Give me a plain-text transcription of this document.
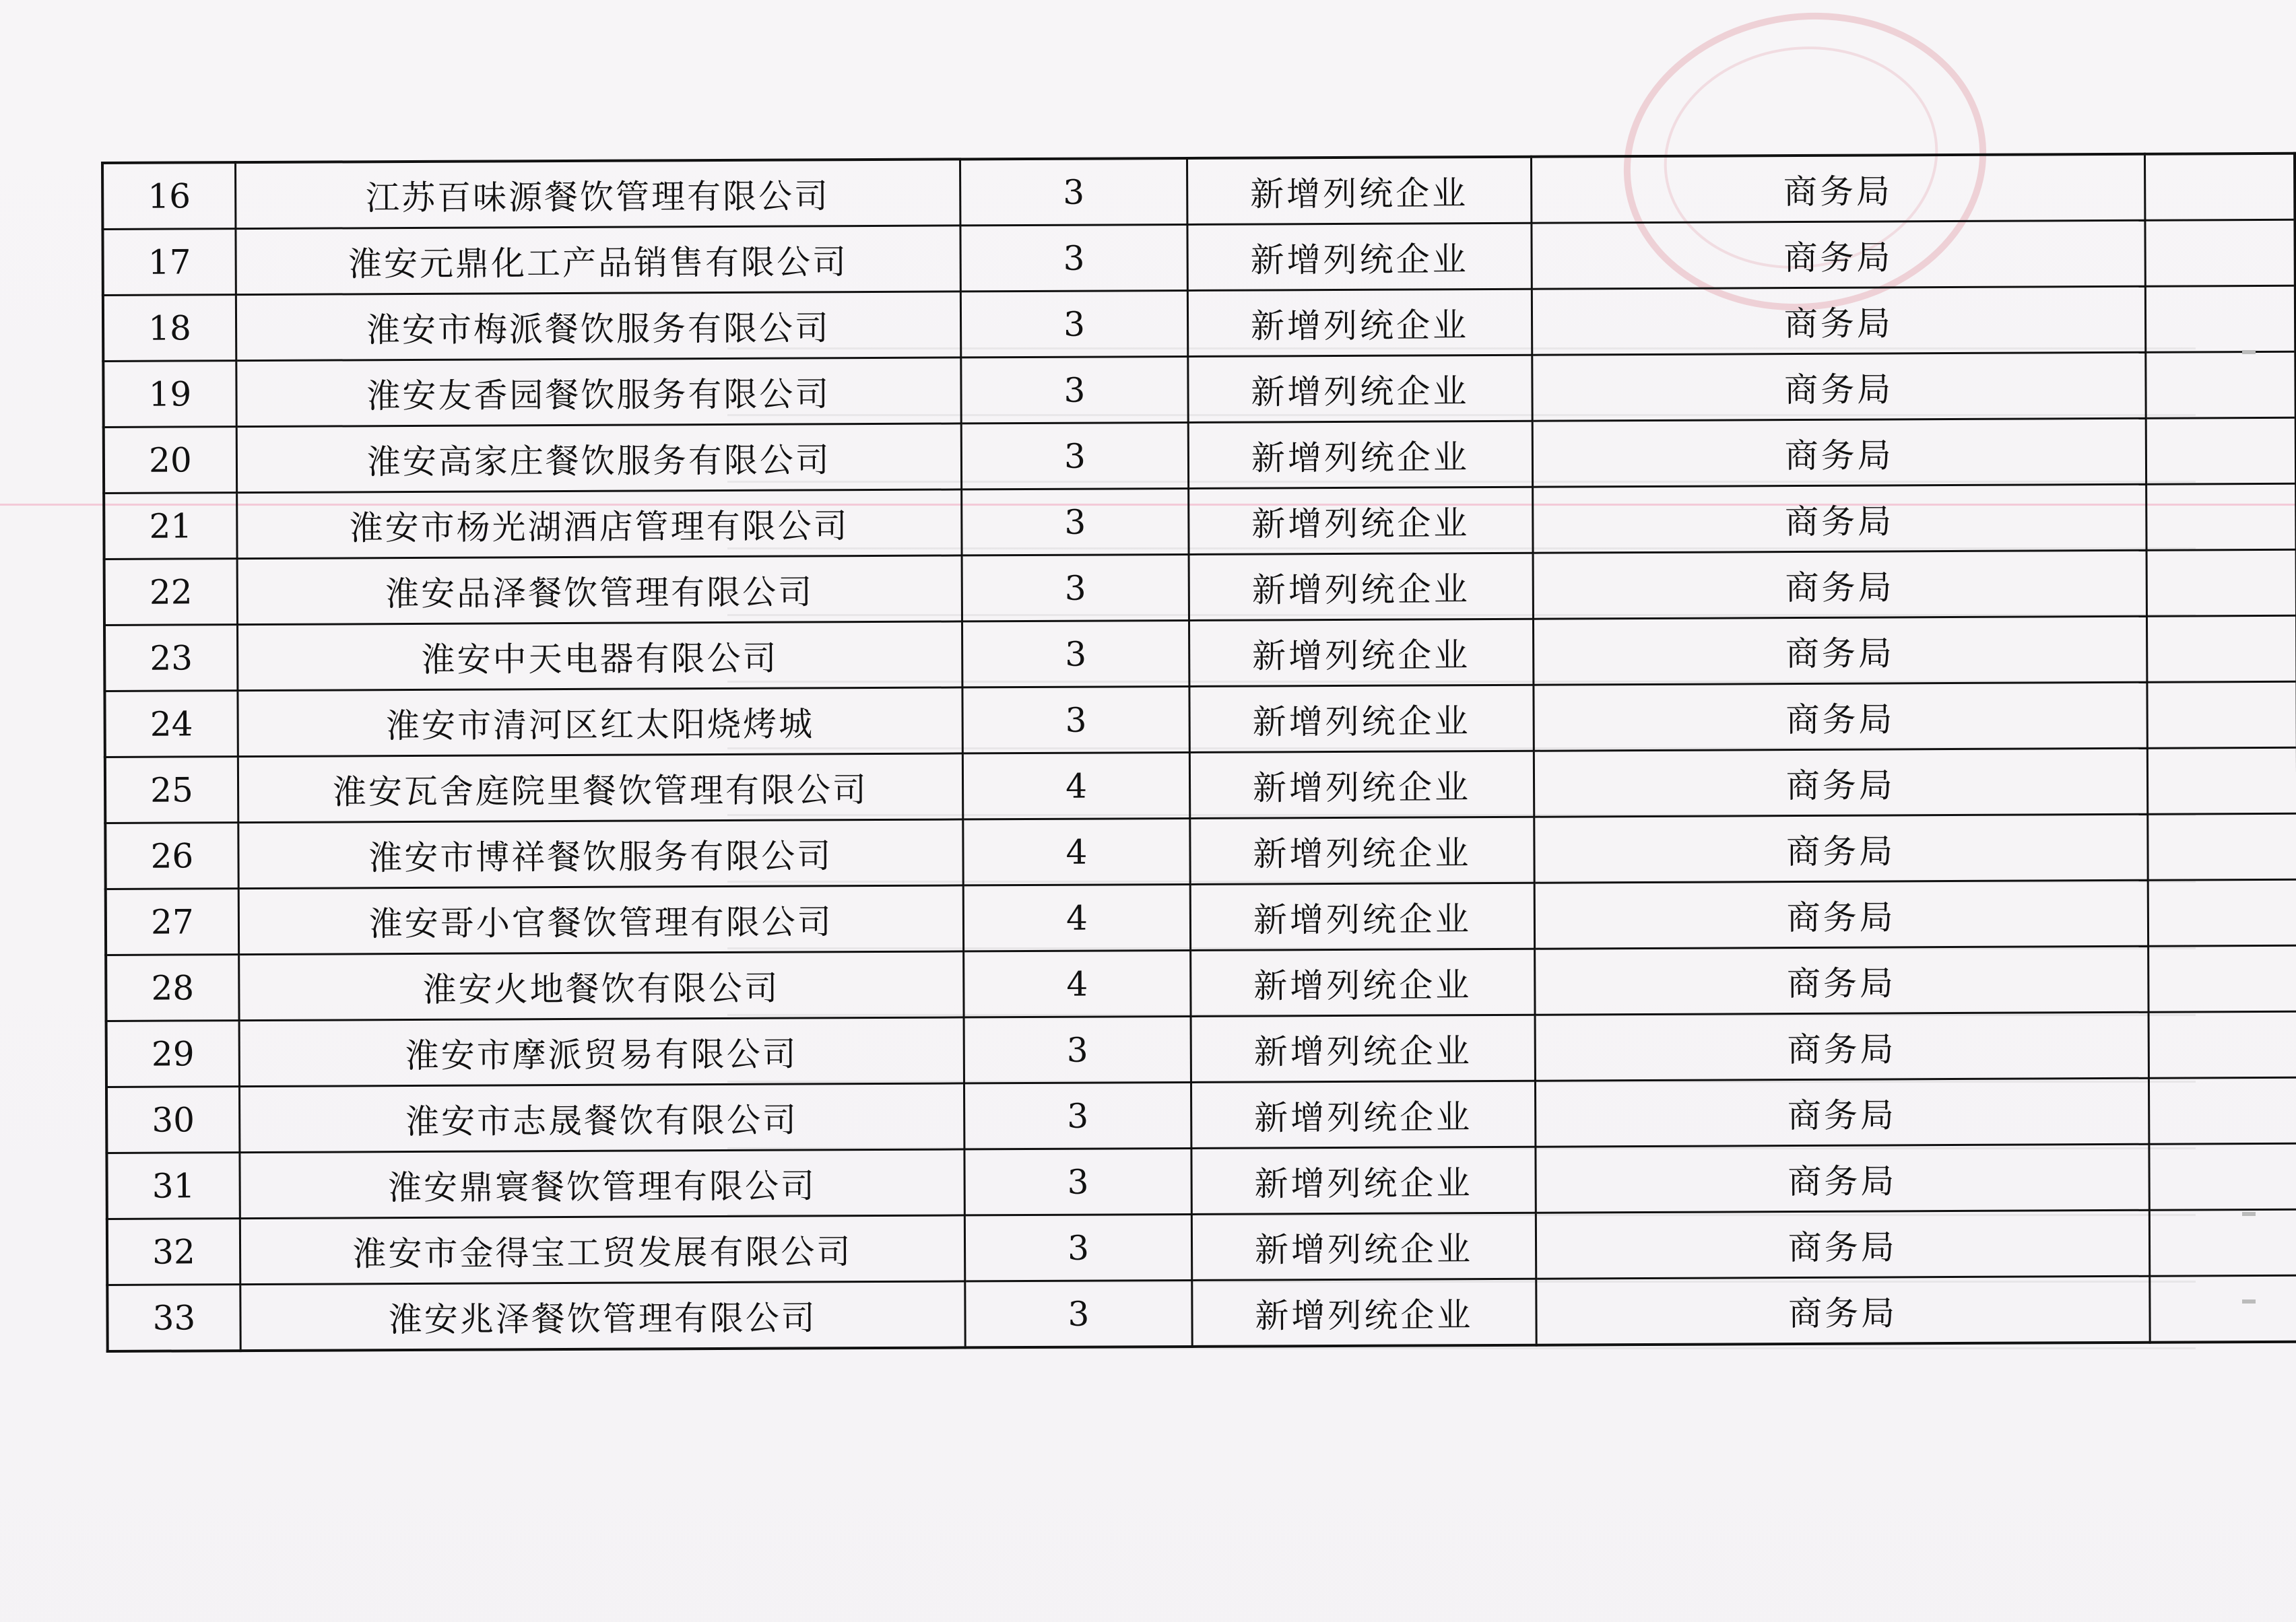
16	江苏百味源餐饮管理有限公司	3	新增列统企业	商务局	
17	淮安元鼎化工产品销售有限公司	3	新增列统企业	商务局	
18	淮安市梅派餐饮服务有限公司	3	新增列统企业	商务局	
19	淮安友香园餐饮服务有限公司	3	新增列统企业	商务局	
20	淮安高家庄餐饮服务有限公司	3	新增列统企业	商务局	
21	淮安市杨光湖酒店管理有限公司	3	新增列统企业	商务局	
22	淮安品泽餐饮管理有限公司	3	新增列统企业	商务局	
23	淮安中天电器有限公司	3	新增列统企业	商务局	
24	淮安市清河区红太阳烧烤城	3	新增列统企业	商务局	
25	淮安瓦舍庭院里餐饮管理有限公司	4	新增列统企业	商务局	
26	淮安市博祥餐饮服务有限公司	4	新增列统企业	商务局	
27	淮安哥小官餐饮管理有限公司	4	新增列统企业	商务局	
28	淮安火地餐饮有限公司	4	新增列统企业	商务局	
29	淮安市摩派贸易有限公司	3	新增列统企业	商务局	
30	淮安市志晟餐饮有限公司	3	新增列统企业	商务局	
31	淮安鼎寰餐饮管理有限公司	3	新增列统企业	商务局	
32	淮安市金得宝工贸发展有限公司	3	新增列统企业	商务局	
33	淮安兆泽餐饮管理有限公司	3	新增列统企业	商务局	
